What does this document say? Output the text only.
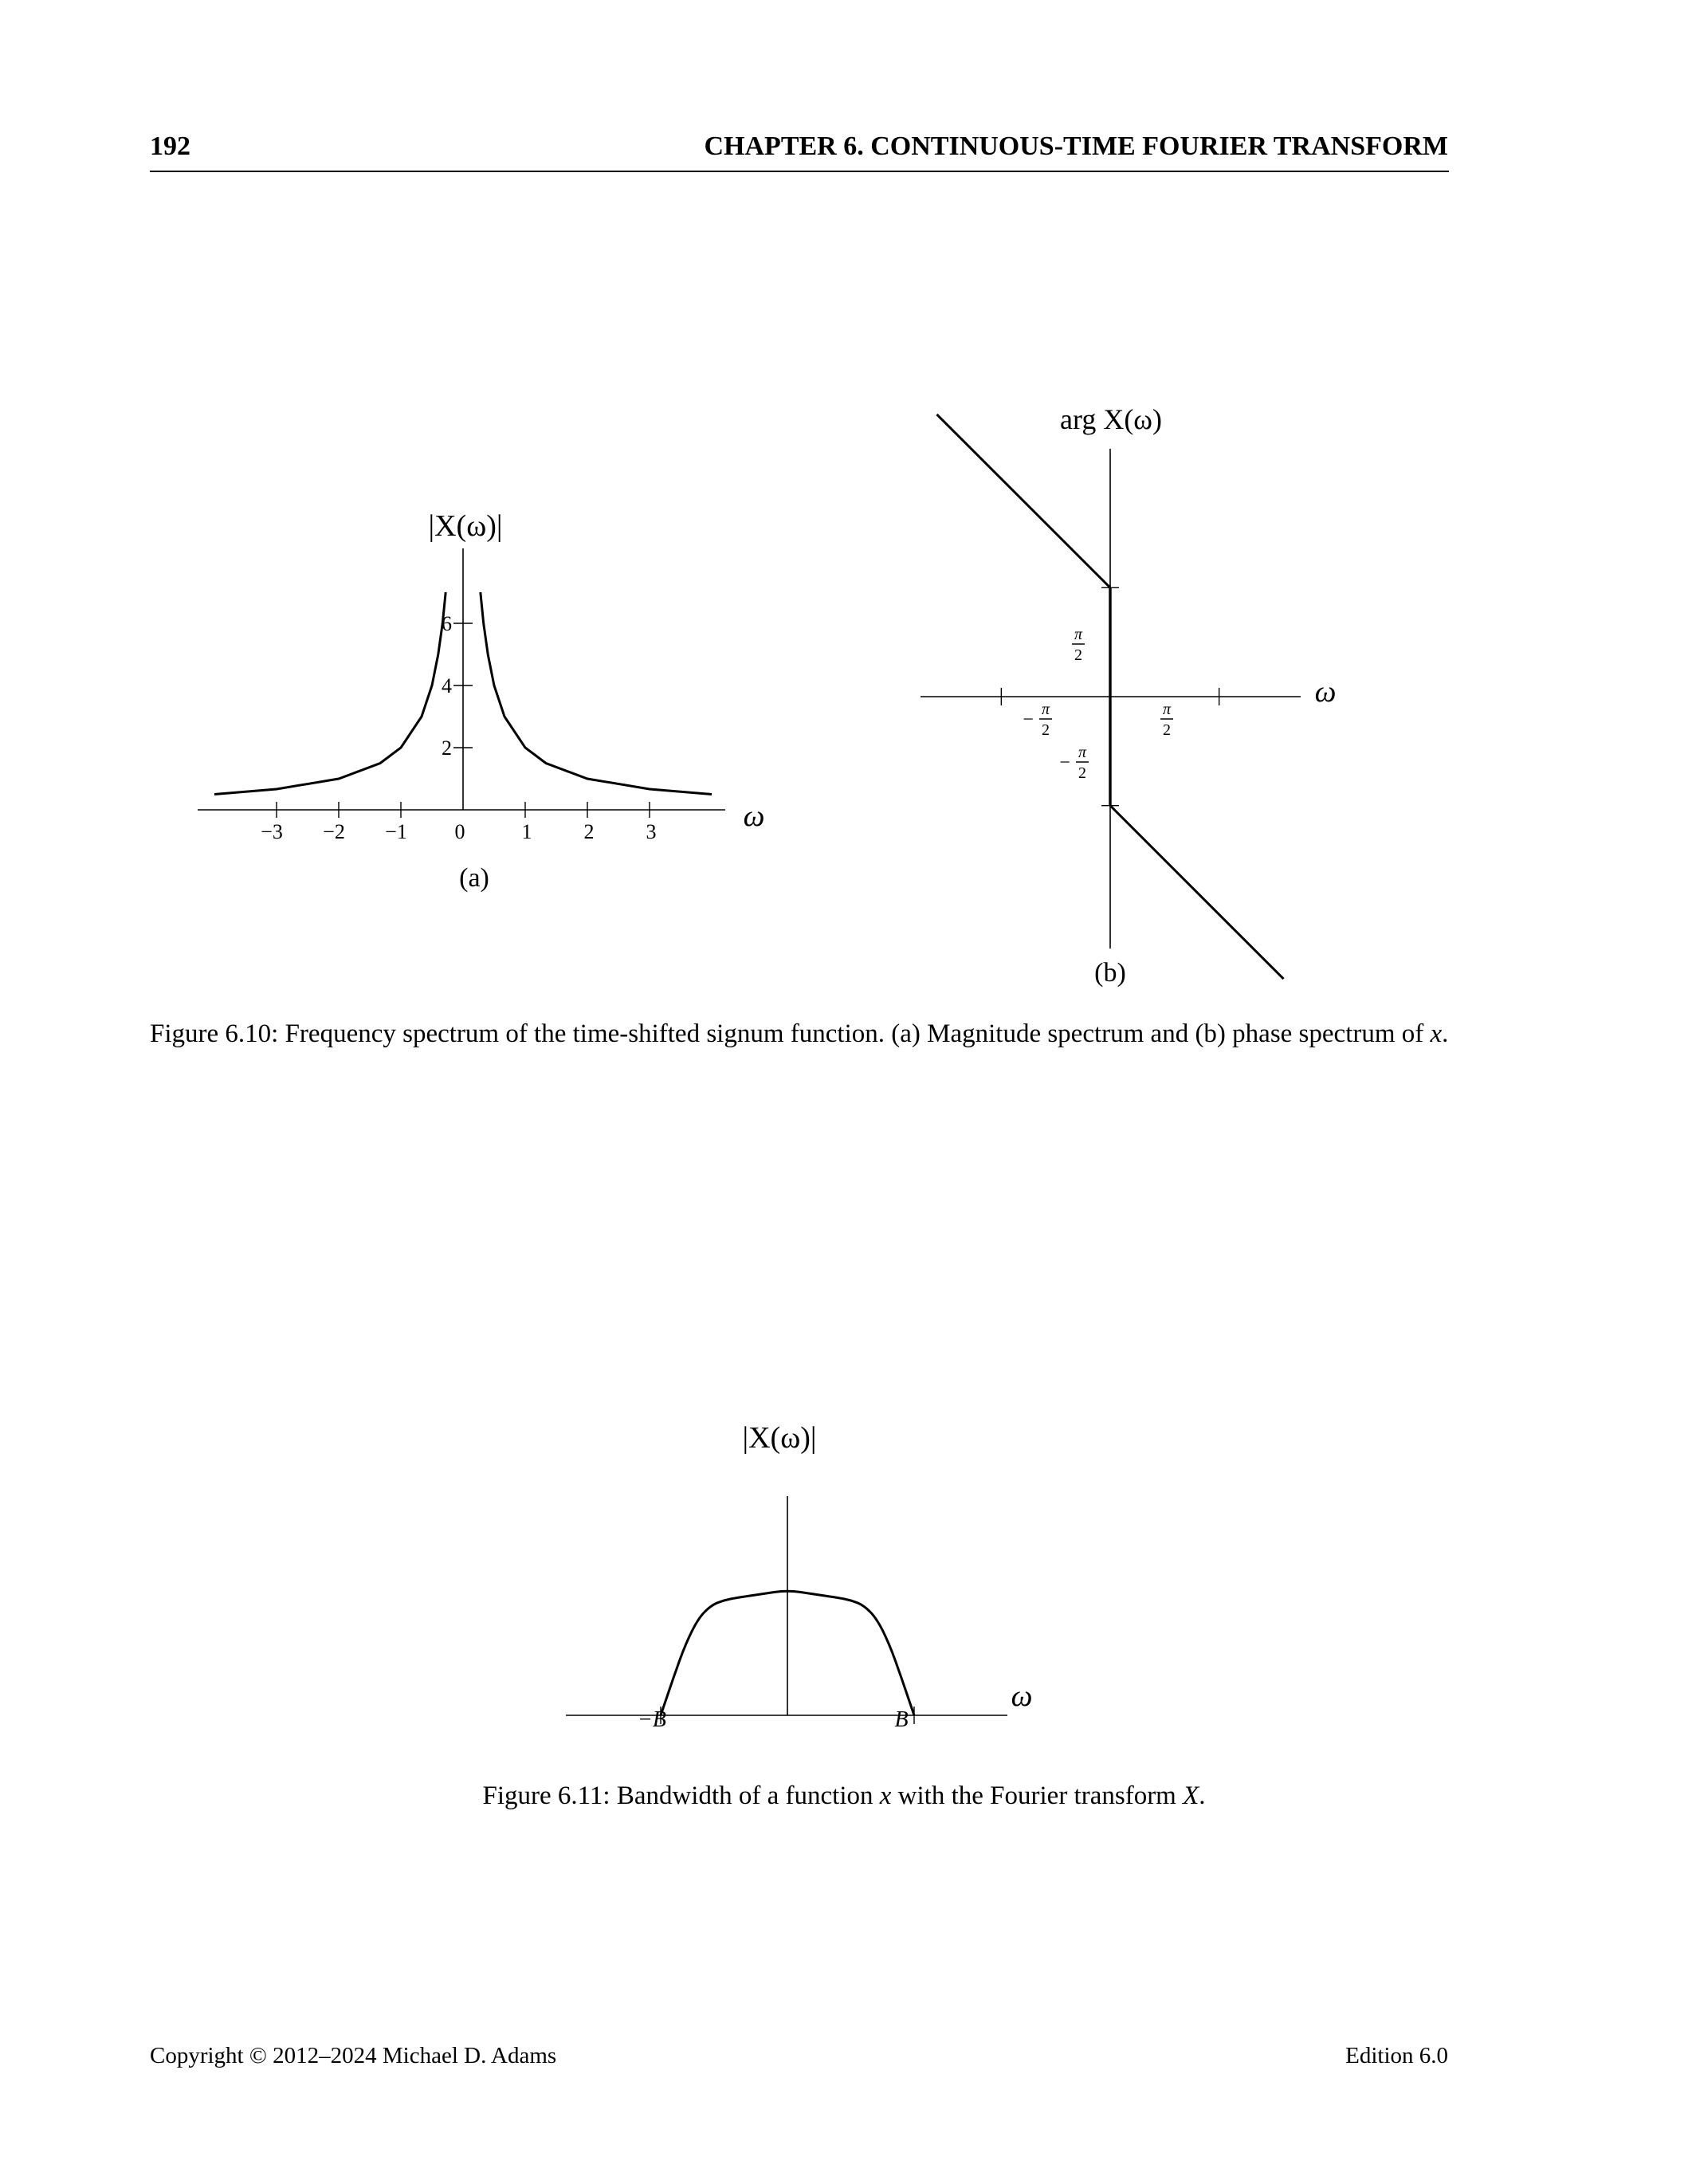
192	CHAPTER 6. CONTINUOUS-TIME FOURIER TRANSFORM
−3 −2 −1 0	1	2	3
2
4
6
|X(ω)|
ω
(a)
arg X(ω)
ω
− π
2
π
2
π
2
− π
2
(b)
Figure 6.10: Frequency spectrum of the time-shifted signum function. (a) Magnitude spectrum and (b) phase spectrum of x.
|X(ω)|
ω
−B	B
Figure 6.11: Bandwidth of a function x with the Fourier transform X.
Copyright © 2012–2024 Michael D. Adams	Edition 6.0
